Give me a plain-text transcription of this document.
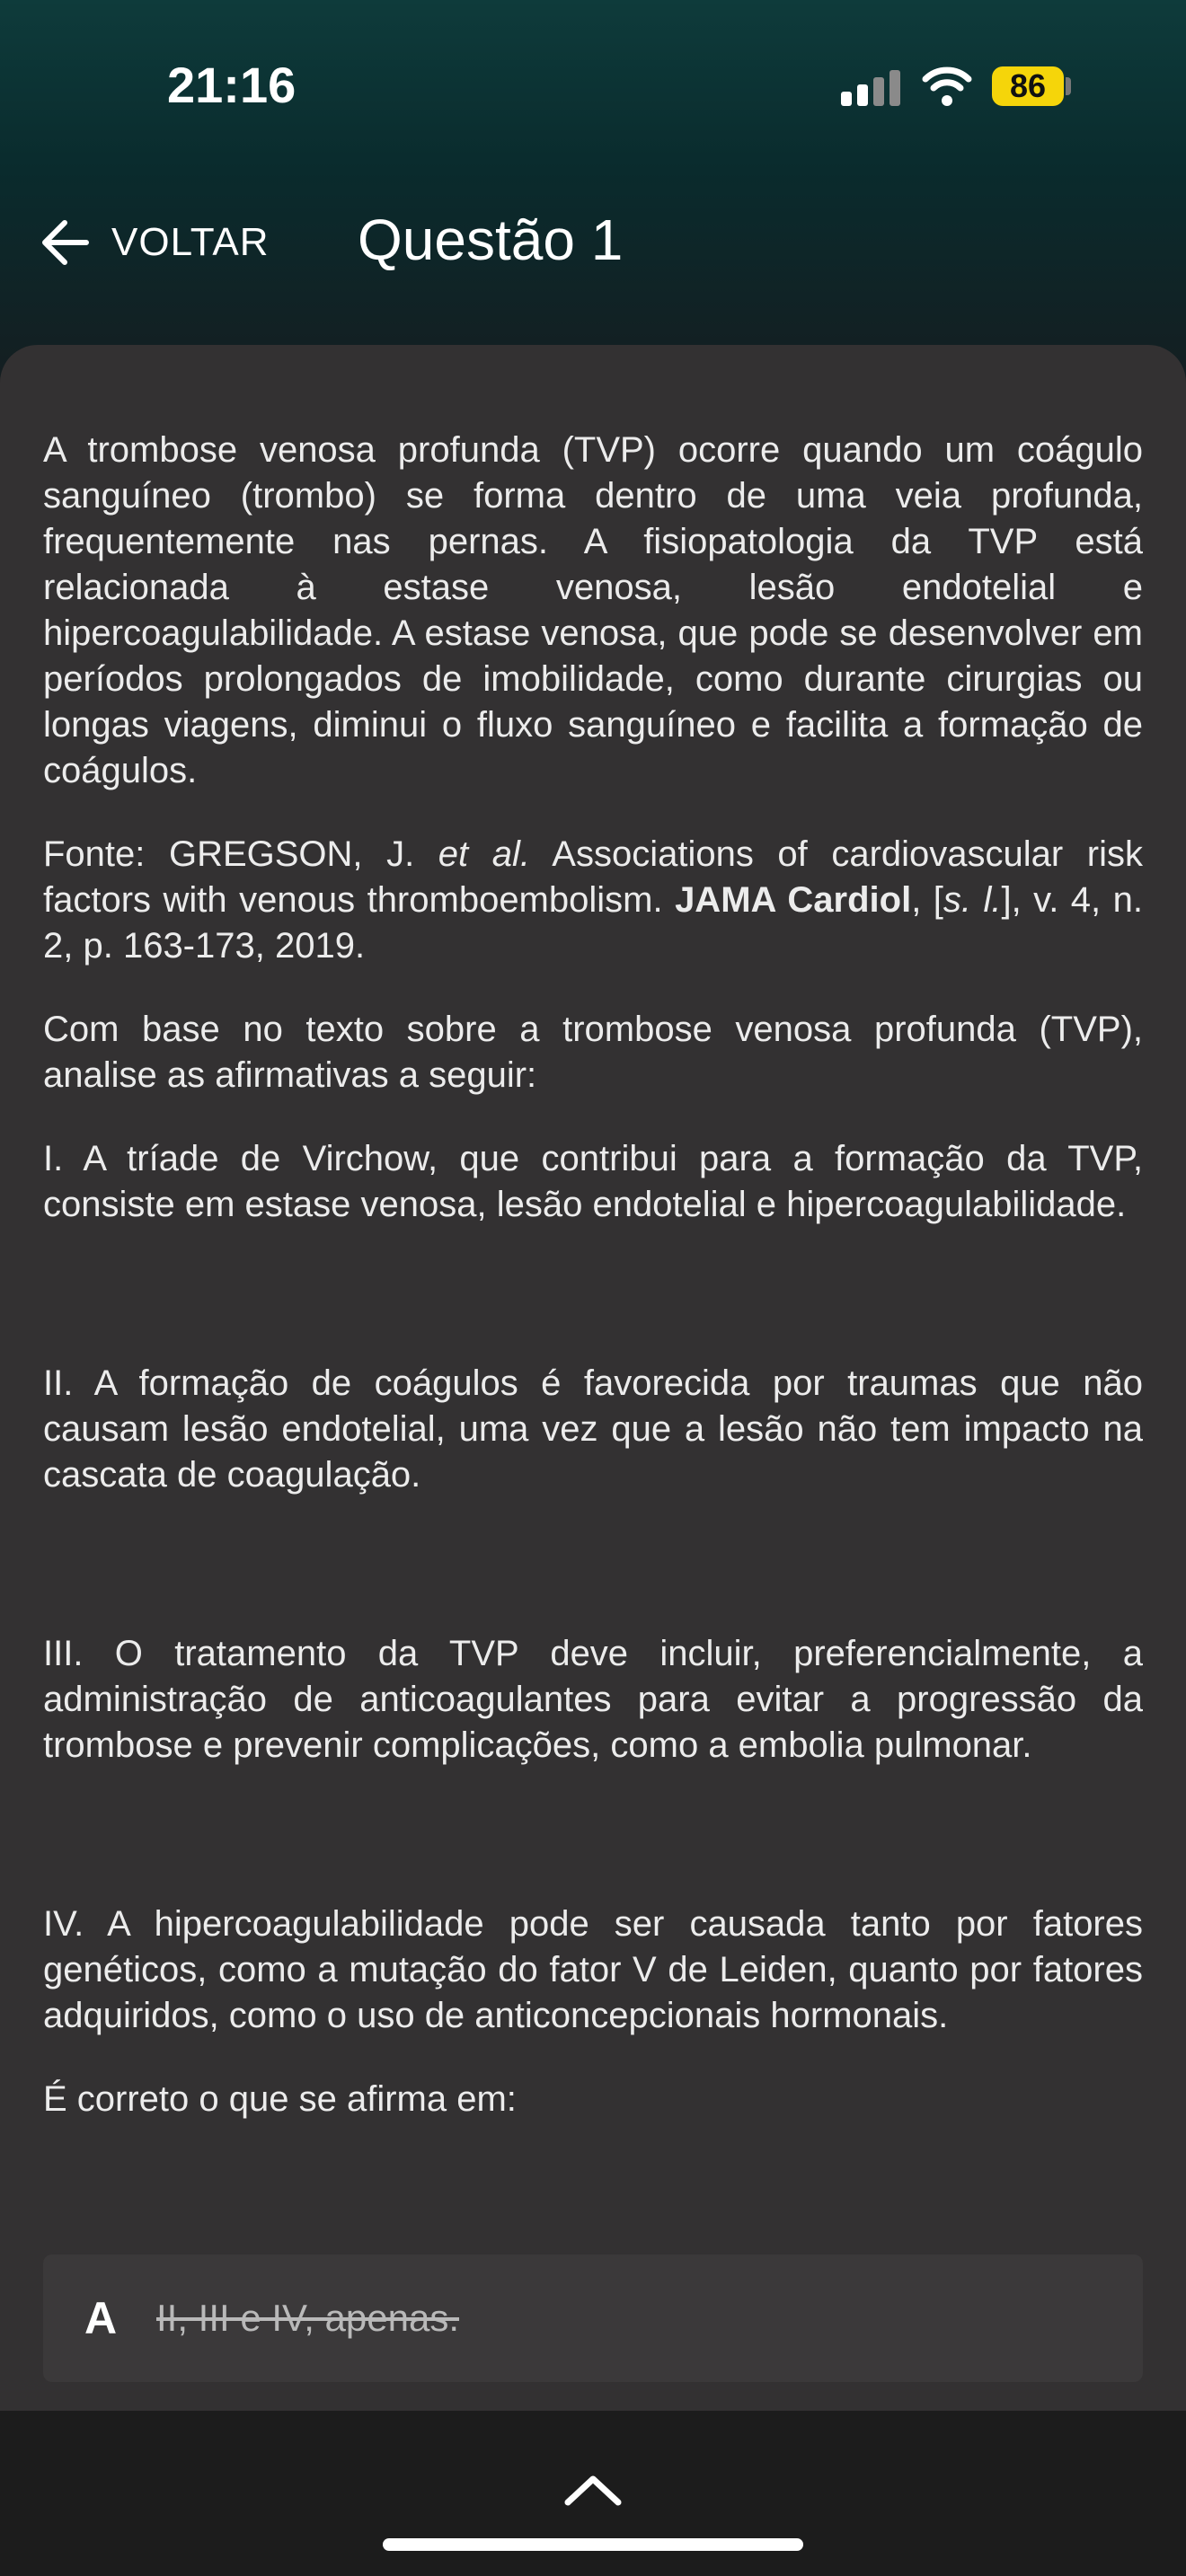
21:16	86
VOLTAR Questão 1

A trombose venosa profunda (TVP) ocorre quando um coágulo sanguíneo (trombo) se forma dentro de uma veia profunda, frequentemente nas pernas. A fisiopatologia da TVP está relacionada à estase venosa, lesão endotelial e hipercoagulabilidade. A estase venosa, que pode se desenvolver em períodos prolongados de imobilidade, como durante cirurgias ou longas viagens, diminui o fluxo sanguíneo e facilita a formação de coágulos.

Fonte: GREGSON, J. et al. Associations of cardiovascular risk factors with venous thromboembolism. JAMA Cardiol, [s. l.], v. 4, n. 2, p. 163-173, 2019.

Com base no texto sobre a trombose venosa profunda (TVP), analise as afirmativas a seguir:

I. A tríade de Virchow, que contribui para a formação da TVP, consiste em estase venosa, lesão endotelial e hipercoagulabilidade.

II. A formação de coágulos é favorecida por traumas que não causam lesão endotelial, uma vez que a lesão não tem impacto na cascata de coagulação.

III. O tratamento da TVP deve incluir, preferencialmente, a administração de anticoagulantes para evitar a progressão da trombose e prevenir complicações, como a embolia pulmonar.

IV. A hipercoagulabilidade pode ser causada tanto por fatores genéticos, como a mutação do fator V de Leiden, quanto por fatores adquiridos, como o uso de anticoncepcionais hormonais.

É correto o que se afirma em:

A	II, III e IV, apenas.
